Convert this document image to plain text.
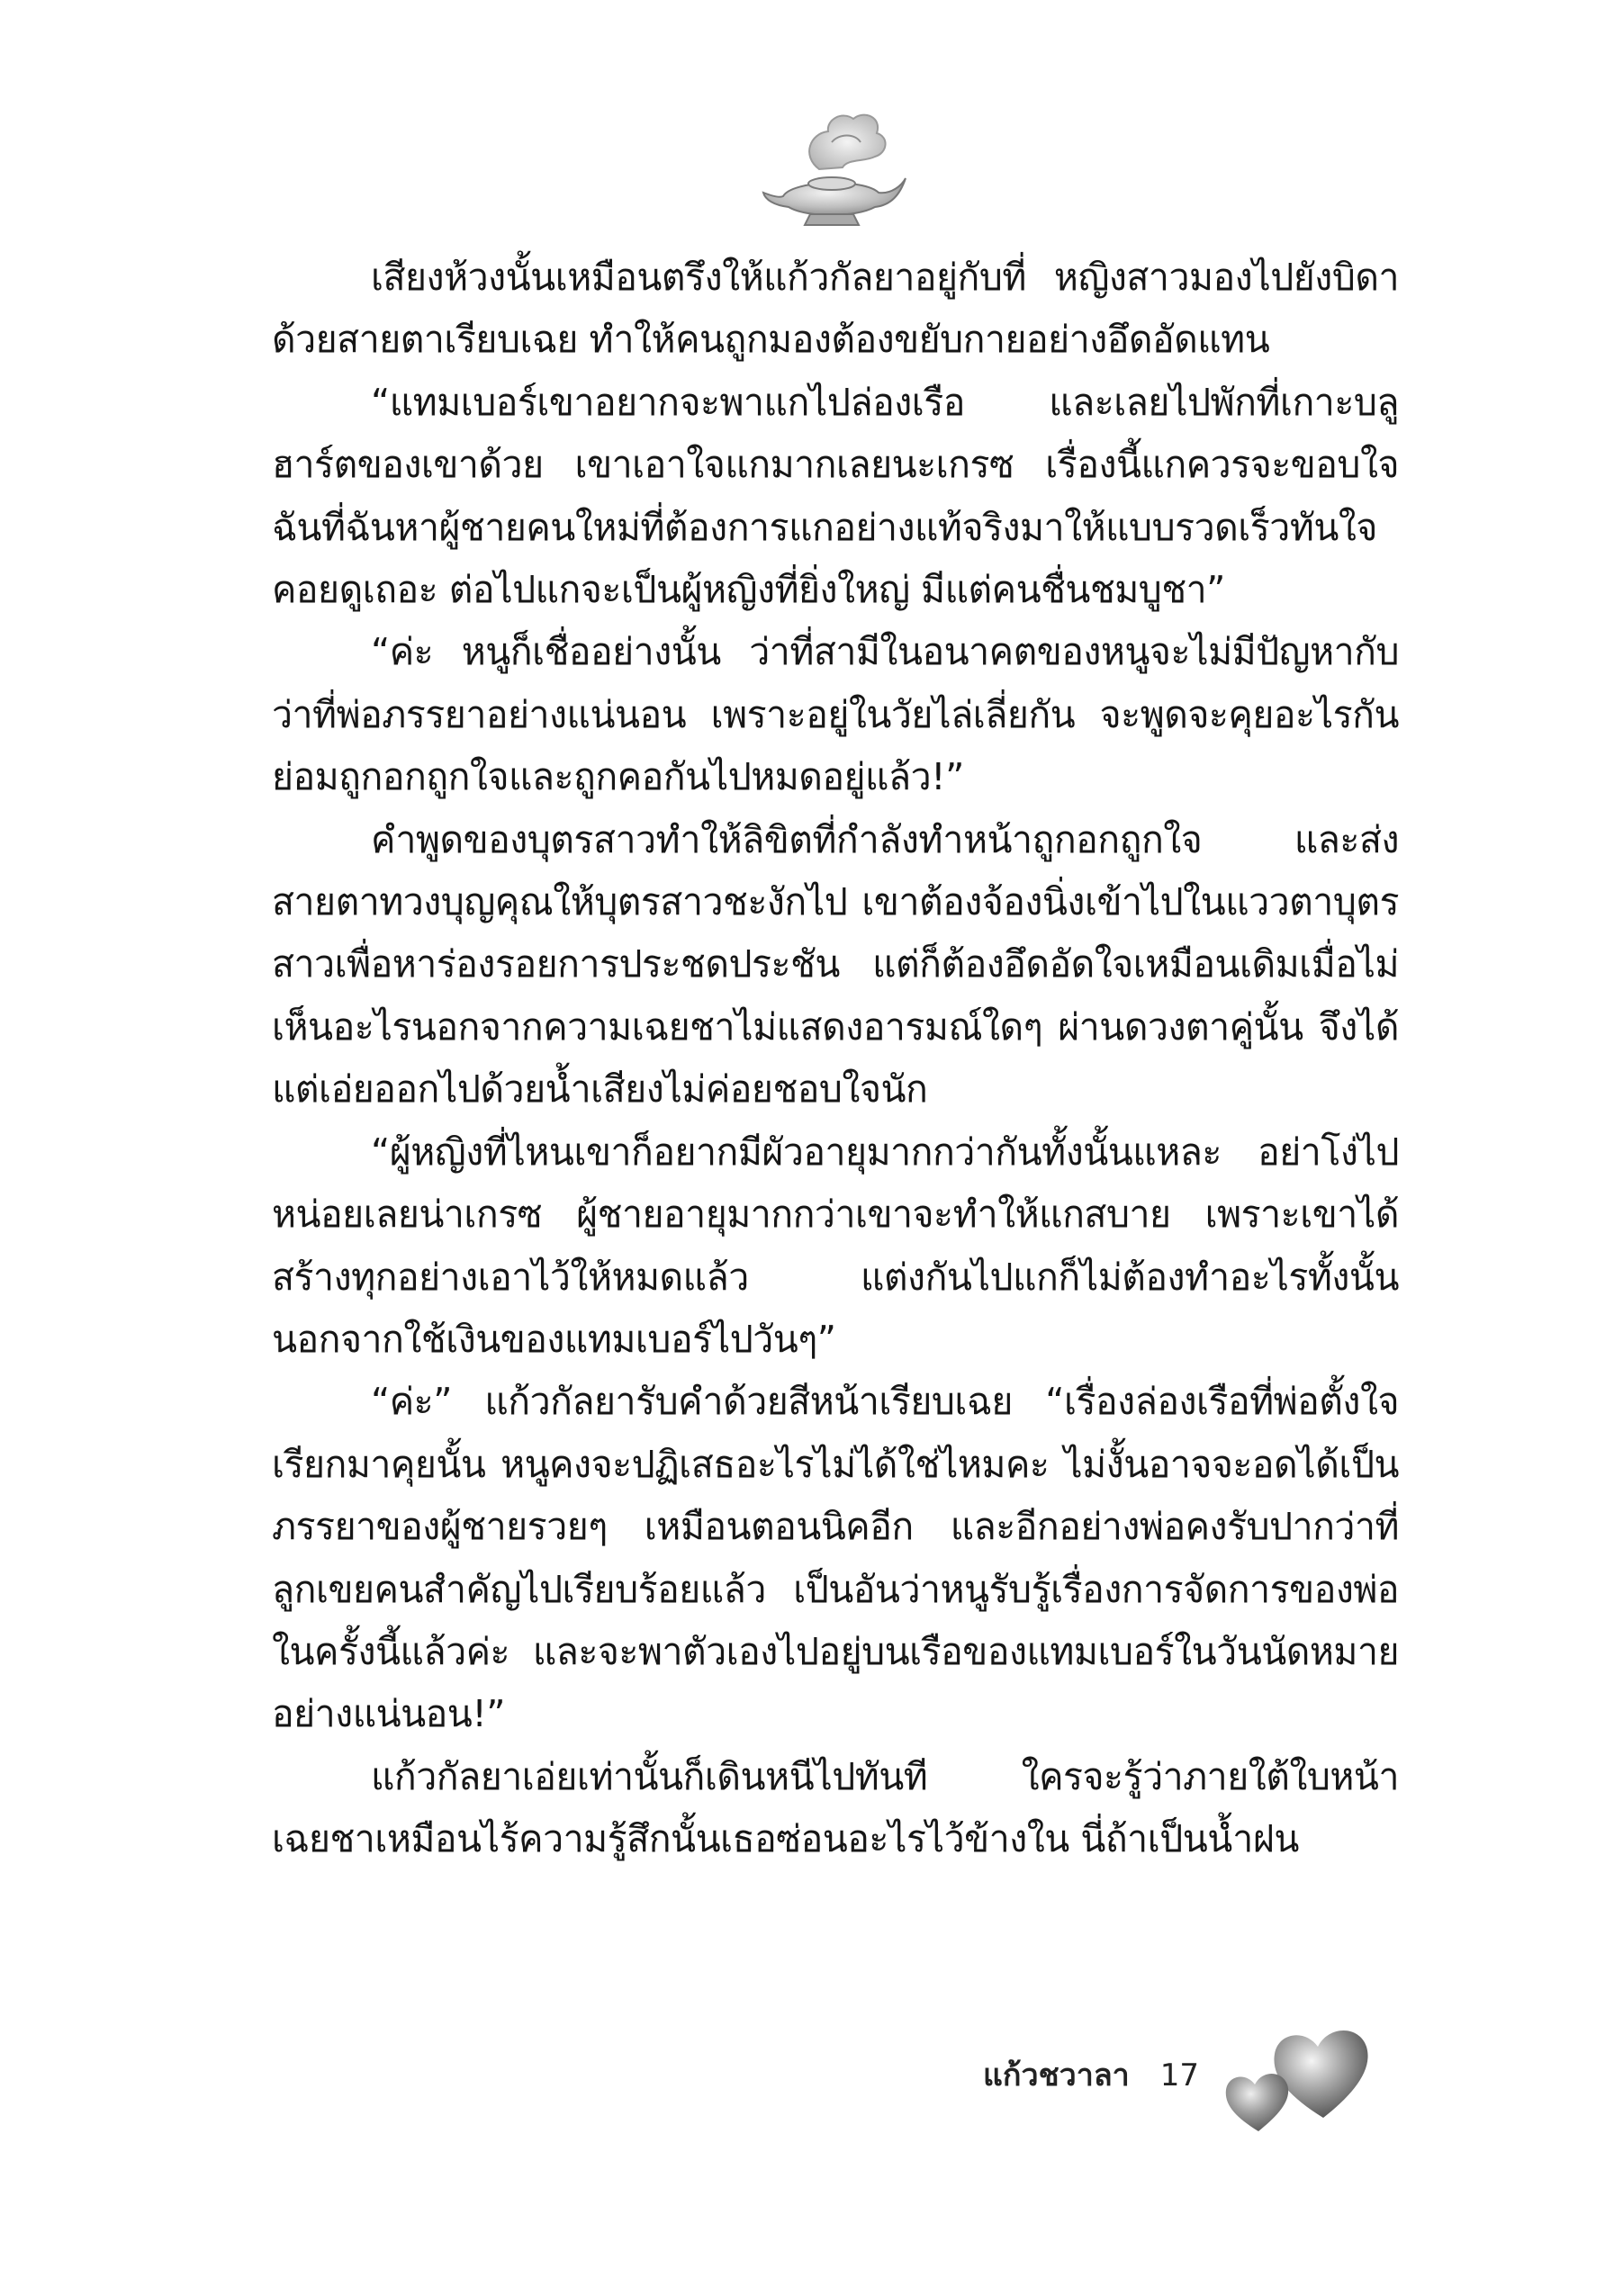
เสียงห้วงนั้นเหมือนตรึงให้แก้วกัลยาอยู่กับที่ หญิงสาวมองไปยังบิดาด้วยสายตาเรียบเฉย ทำให้คนถูกมองต้องขยับกายอย่างอึดอัดแทน

“แทมเบอร์เขาอยากจะพาแกไปล่องเรือ และเลยไปพักที่เกาะบลูฮาร์ตของเขาด้วย เขาเอาใจแกมากเลยนะเกรซ เรื่องนี้แกควรจะขอบใจฉันที่ฉันหาผู้ชายคนใหม่ที่ต้องการแกอย่างแท้จริงมาให้แบบรวดเร็วทันใจคอยดูเถอะ ต่อไปแกจะเป็นผู้หญิงที่ยิ่งใหญ่ มีแต่คนชื่นชมบูชา”

“ค่ะ หนูก็เชื่ออย่างนั้น ว่าที่สามีในอนาคตของหนูจะไม่มีปัญหากับว่าที่พ่อภรรยาอย่างแน่นอน เพราะอยู่ในวัยไล่เลี่ยกัน จะพูดจะคุยอะไรกันย่อมถูกอกถูกใจและถูกคอกันไปหมดอยู่แล้ว!”

คำพูดของบุตรสาวทำให้ลิขิตที่กำลังทำหน้าถูกอกถูกใจ และส่งสายตาทวงบุญคุณให้บุตรสาวชะงักไป เขาต้องจ้องนิ่งเข้าไปในแววตาบุตรสาวเพื่อหาร่องรอยการประชดประชัน แต่ก็ต้องอึดอัดใจเหมือนเดิมเมื่อไม่เห็นอะไรนอกจากความเฉยชาไม่แสดงอารมณ์ใดๆ ผ่านดวงตาคู่นั้น จึงได้แต่เอ่ยออกไปด้วยน้ำเสียงไม่ค่อยชอบใจนัก

“ผู้หญิงที่ไหนเขาก็อยากมีผัวอายุมากกว่ากันทั้งนั้นแหละ อย่าโง่ไปหน่อยเลยน่าเกรซ ผู้ชายอายุมากกว่าเขาจะทำให้แกสบาย เพราะเขาได้สร้างทุกอย่างเอาไว้ให้หมดแล้ว แต่งกันไปแกก็ไม่ต้องทำอะไรทั้งนั้นนอกจากใช้เงินของแทมเบอร์ไปวันๆ”

“ค่ะ” แก้วกัลยารับคำด้วยสีหน้าเรียบเฉย “เรื่องล่องเรือที่พ่อตั้งใจเรียกมาคุยนั้น หนูคงจะปฏิเสธอะไรไม่ได้ใช่ไหมคะ ไม่งั้นอาจจะอดได้เป็นภรรยาของผู้ชายรวยๆ เหมือนตอนนิคอีก และอีกอย่างพ่อคงรับปากว่าที่ลูกเขยคนสำคัญไปเรียบร้อยแล้ว เป็นอันว่าหนูรับรู้เรื่องการจัดการของพ่อในครั้งนี้แล้วค่ะ และจะพาตัวเองไปอยู่บนเรือของแทมเบอร์ในวันนัดหมายอย่างแน่นอน!”

แก้วกัลยาเอ่ยเท่านั้นก็เดินหนีไปทันที ใครจะรู้ว่าภายใต้ใบหน้าเฉยชาเหมือนไร้ความรู้สึกนั้นเธอซ่อนอะไรไว้ข้างใน นี่ถ้าเป็นน้ำฝน

แก้วชวาลา 17
